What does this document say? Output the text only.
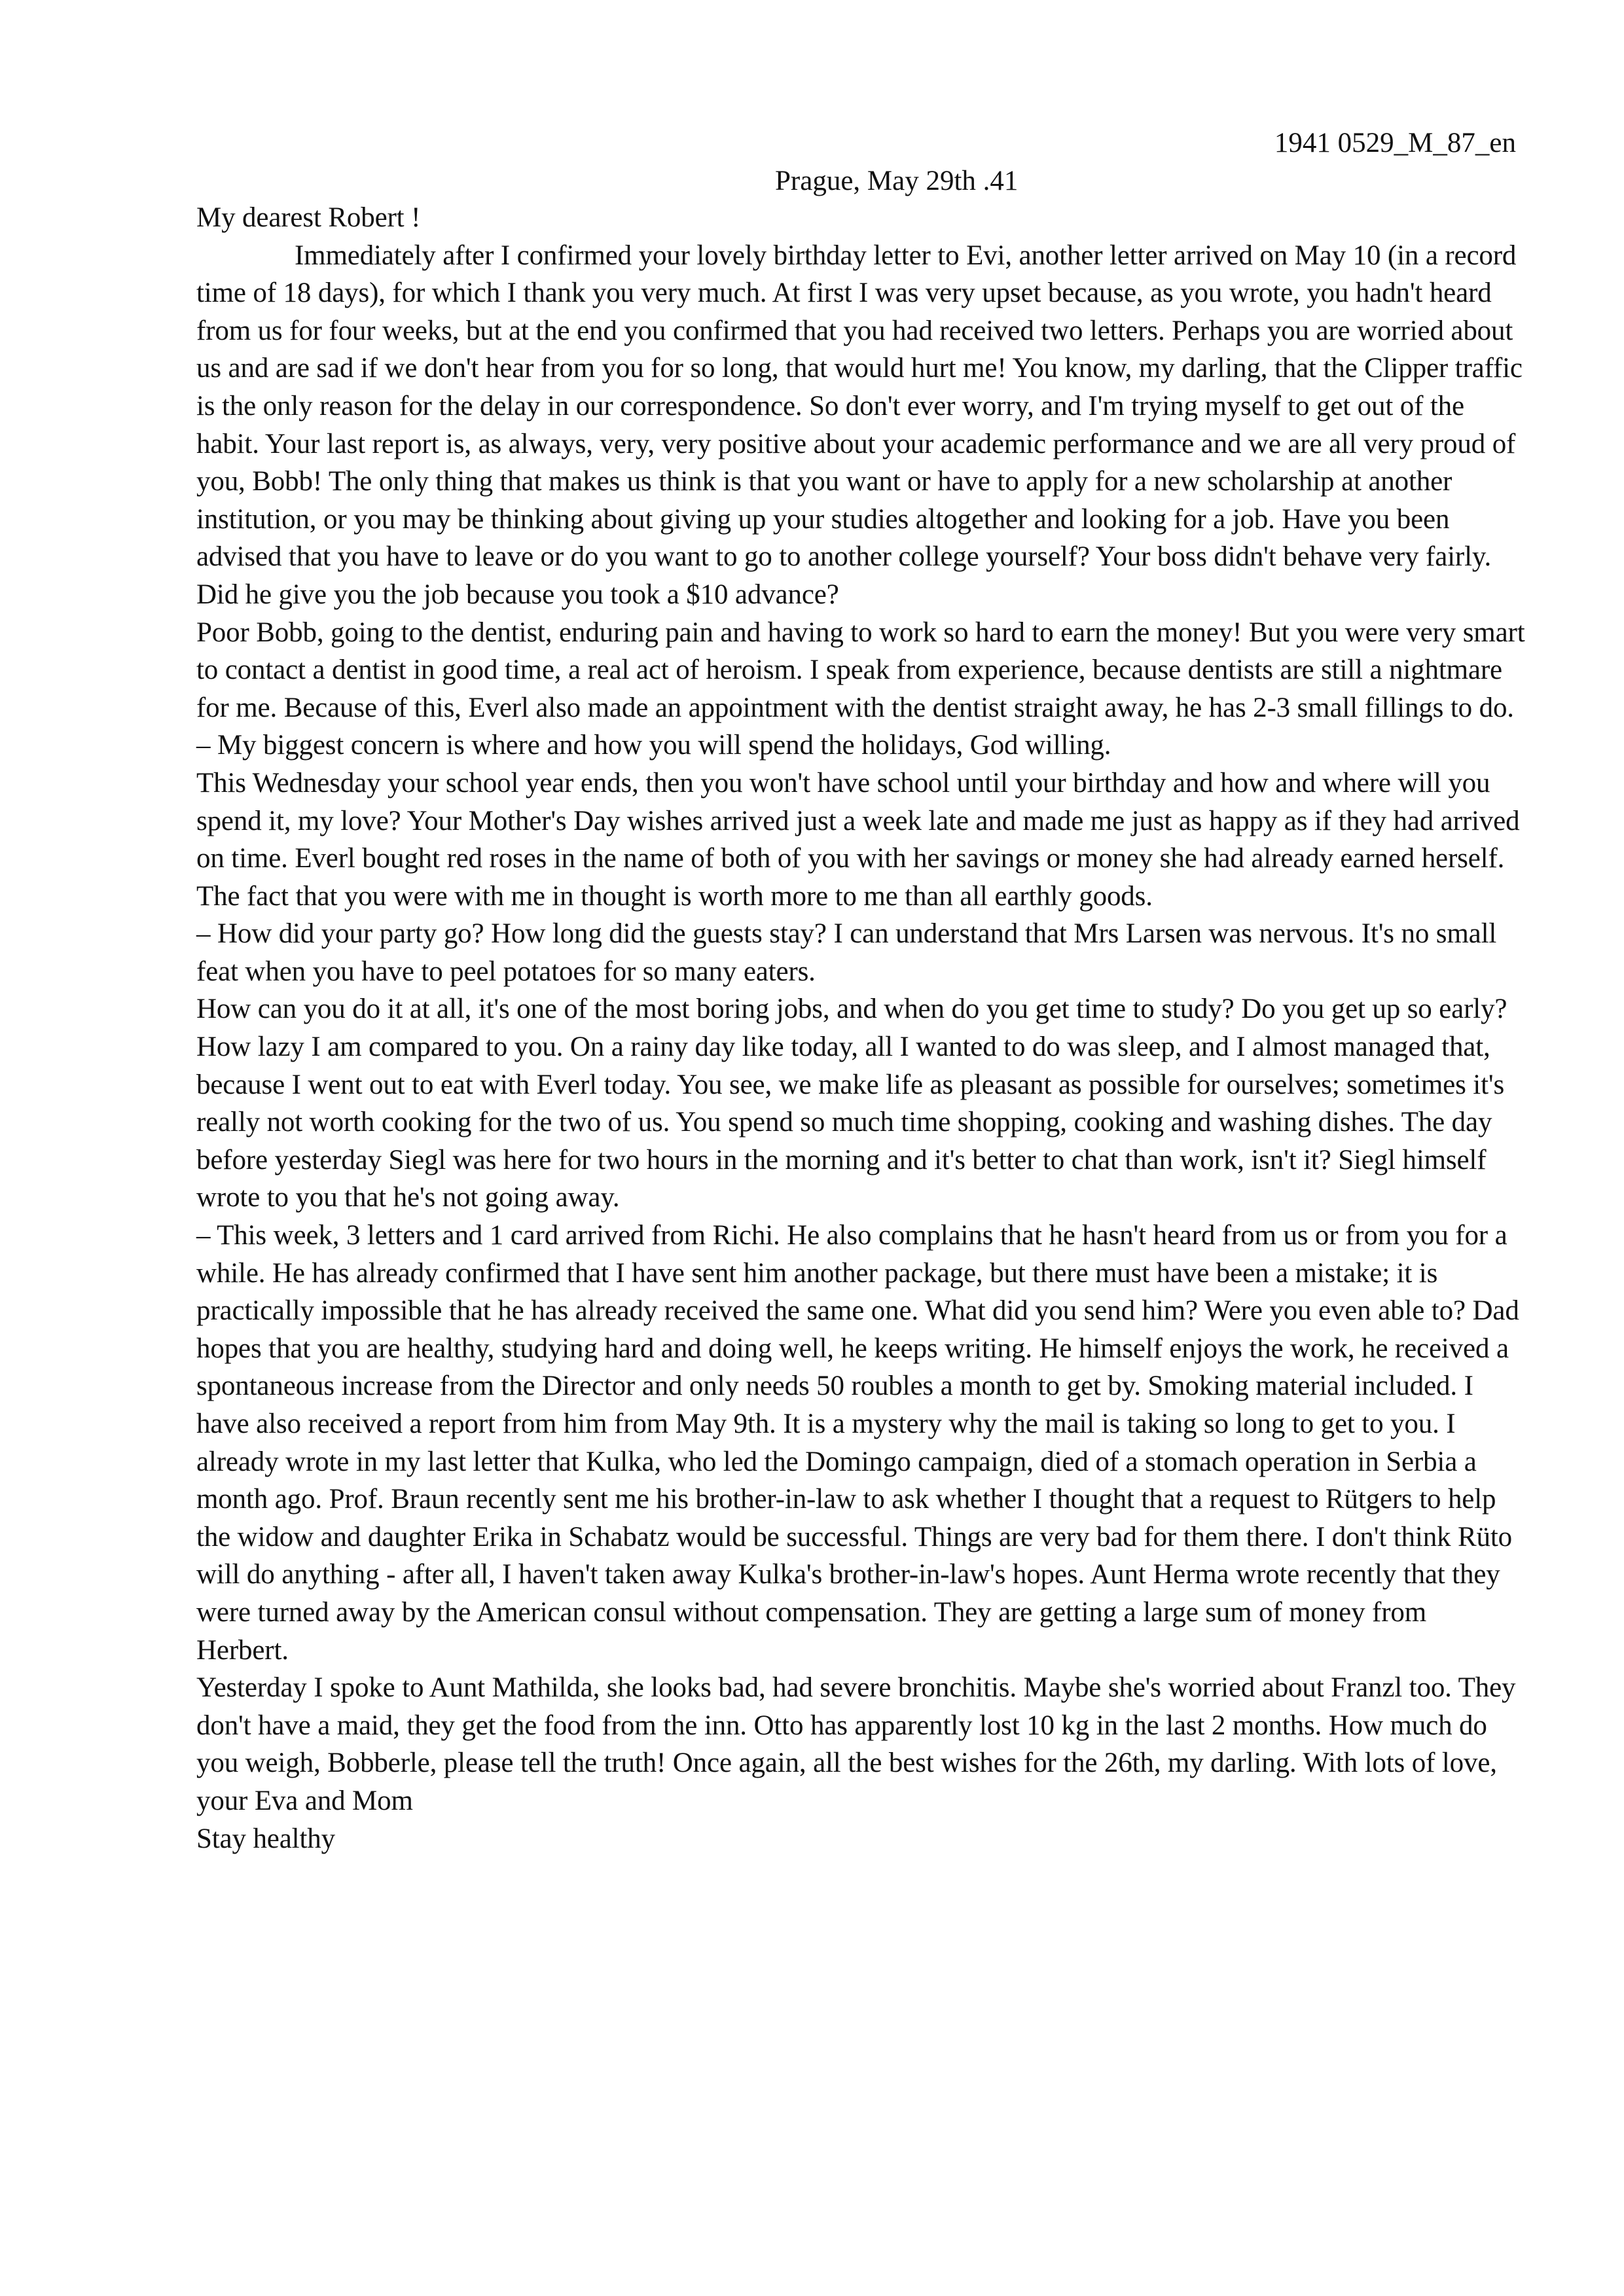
1941 0529_M_87_en
Prague, May 29th .41

My dearest Robert !

Immediately after I confirmed your lovely birthday letter to Evi, another letter arrived on May 10 (in a record time of 18 days), for which I thank you very much. At first I was very upset because, as you wrote, you hadn't heard from us for four weeks, but at the end you confirmed that you had received two letters. Perhaps you are worried about us and are sad if we don't hear from you for so long, that would hurt me! You know, my darling, that the Clipper traffic is the only reason for the delay in our correspondence. So don't ever worry, and I'm trying myself to get out of the habit. Your last report is, as always, very, very positive about your academic performance and we are all very proud of you, Bobb! The only thing that makes us think is that you want or have to apply for a new scholarship at another institution, or you may be thinking about giving up your studies altogether and looking for a job. Have you been advised that you have to leave or do you want to go to another college yourself? Your boss didn't behave very fairly. Did he give you the job because you took a $10 advance?

Poor Bobb, going to the dentist, enduring pain and having to work so hard to earn the money! But you were very smart to contact a dentist in good time, a real act of heroism. I speak from experience, because dentists are still a nightmare for me. Because of this, Everl also made an appointment with the dentist straight away, he has 2-3 small fillings to do.

– My biggest concern is where and how you will spend the holidays, God willing.

This Wednesday your school year ends, then you won't have school until your birthday and how and where will you spend it, my love? Your Mother's Day wishes arrived just a week late and made me just as happy as if they had arrived on time. Everl bought red roses in the name of both of you with her savings or money she had already earned herself. The fact that you were with me in thought is worth more to me than all earthly goods.

– How did your party go? How long did the guests stay? I can understand that Mrs Larsen was nervous. It's no small feat when you have to peel potatoes for so many eaters.

How can you do it at all, it's one of the most boring jobs, and when do you get time to study? Do you get up so early? How lazy I am compared to you. On a rainy day like today, all I wanted to do was sleep, and I almost managed that, because I went out to eat with Everl today. You see, we make life as pleasant as possible for ourselves; sometimes it's really not worth cooking for the two of us. You spend so much time shopping, cooking and washing dishes. The day before yesterday Siegl was here for two hours in the morning and it's better to chat than work, isn't it? Siegl himself wrote to you that he's not going away.

– This week, 3 letters and 1 card arrived from Richi. He also complains that he hasn't heard from us or from you for a while. He has already confirmed that I have sent him another package, but there must have been a mistake; it is practically impossible that he has already received the same one. What did you send him? Were you even able to? Dad hopes that you are healthy, studying hard and doing well, he keeps writing. He himself enjoys the work, he received a spontaneous increase from the Director and only needs 50 roubles a month to get by. Smoking material included. I have also received a report from him from May 9th. It is a mystery why the mail is taking so long to get to you. I already wrote in my last letter that Kulka, who led the Domingo campaign, died of a stomach operation in Serbia a month ago. Prof. Braun recently sent me his brother-in-law to ask whether I thought that a request to Rütgers to help the widow and daughter Erika in Schabatz would be successful. Things are very bad for them there. I don't think Rüto will do anything - after all, I haven't taken away Kulka's brother-in-law's hopes. Aunt Herma wrote recently that they were turned away by the American consul without compensation. They are getting a large sum of money from Herbert.

Yesterday I spoke to Aunt Mathilda, she looks bad, had severe bronchitis. Maybe she's worried about Franzl too. They don't have a maid, they get the food from the inn. Otto has apparently lost 10 kg in the last 2 months. How much do you weigh, Bobberle, please tell the truth! Once again, all the best wishes for the 26th, my darling. With lots of love, your Eva and Mom

Stay healthy
